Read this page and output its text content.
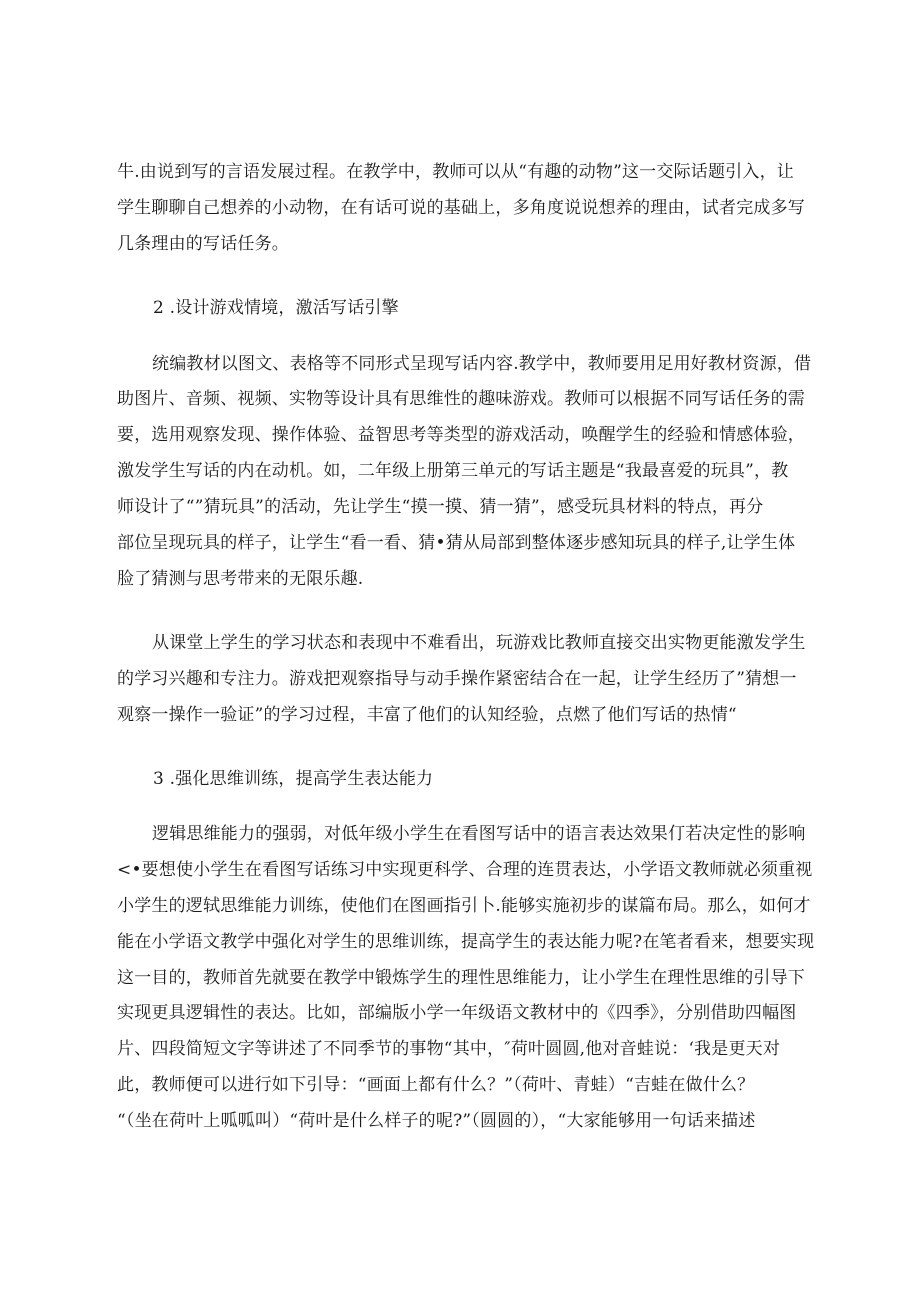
牛.由说到写的言语发展过程。在教学中，教师可以从“有趣的动物”这一交际话题引入，让
学生聊聊自己想养的小动物，在有话可说的基础上，多角度说说想养的理由，试者完成多写
几条理由的写话任务。
2 .设计游戏情境，激活写话引擎
统编教材以图文、表格等不同形式呈现写话内容.教学中，教师要用足用好教材资源，借
助图片、音频、视频、实物等设计具有思维性的趣味游戏。教师可以根据不同写话任务的需
要，选用观察发现、操作体验、益智思考等类型的游戏活动，唤醒学生的经验和情感体验，
激发学生写话的内在动机。如，二年级上册第三单元的写话主题是“我最喜爱的玩具”，教
师设计了“”猜玩具”的活动，先让学生“摸一摸、猜一猜”，感受玩具材料的特点，再分
部位呈现玩具的样子，让学生“看一看、猜•猜从局部到整体逐步感知玩具的样子,让学生体
脸了猜测与思考带来的无限乐趣.
从课堂上学生的学习状态和表现中不难看出，玩游戏比教师直接交出实物更能激发学生
的学习兴趣和专注力。游戏把观察指导与动手操作紧密结合在一起，让学生经历了”猜想一
观察一操作一验证”的学习过程，丰富了他们的认知经验，点燃了他们写话的热情“
3 .强化思维训练，提高学生表达能力
逻辑思维能力的强弱，对低年级小学生在看图写话中的语言表达效果仃若决定性的影响
<•要想使小学生在看图写话练习中实现更科学、合理的连贯表达，小学语文教师就必须重视
小学生的逻轼思维能力训练，使他们在图画指引卜.能够实施初步的谋篇布局。那么，如何才
能在小学语文教学中强化对学生的思维训练，提高学生的表达能力呢?在笔者看来，想要实现
这一目的，教师首先就要在教学中锻炼学生的理性思维能力，让小学生在理性思维的引导下
实现更具逻辑性的表达。比如，部编版小学一年级语文教材中的《四季》，分别借助四幅图
片、四段简短文字等讲述了不同季节的事物“其中，″荷叶圆圆,他对音蛙说：‘我是更天对
此，教师便可以进行如下引导：“画面上都有什么？”（荷叶、青蛙）“吉蛙在做什么？
“（坐在荷叶上呱呱叫）“荷叶是什么样子的呢?”（圆圆的），“大家能够用一句话来描述
